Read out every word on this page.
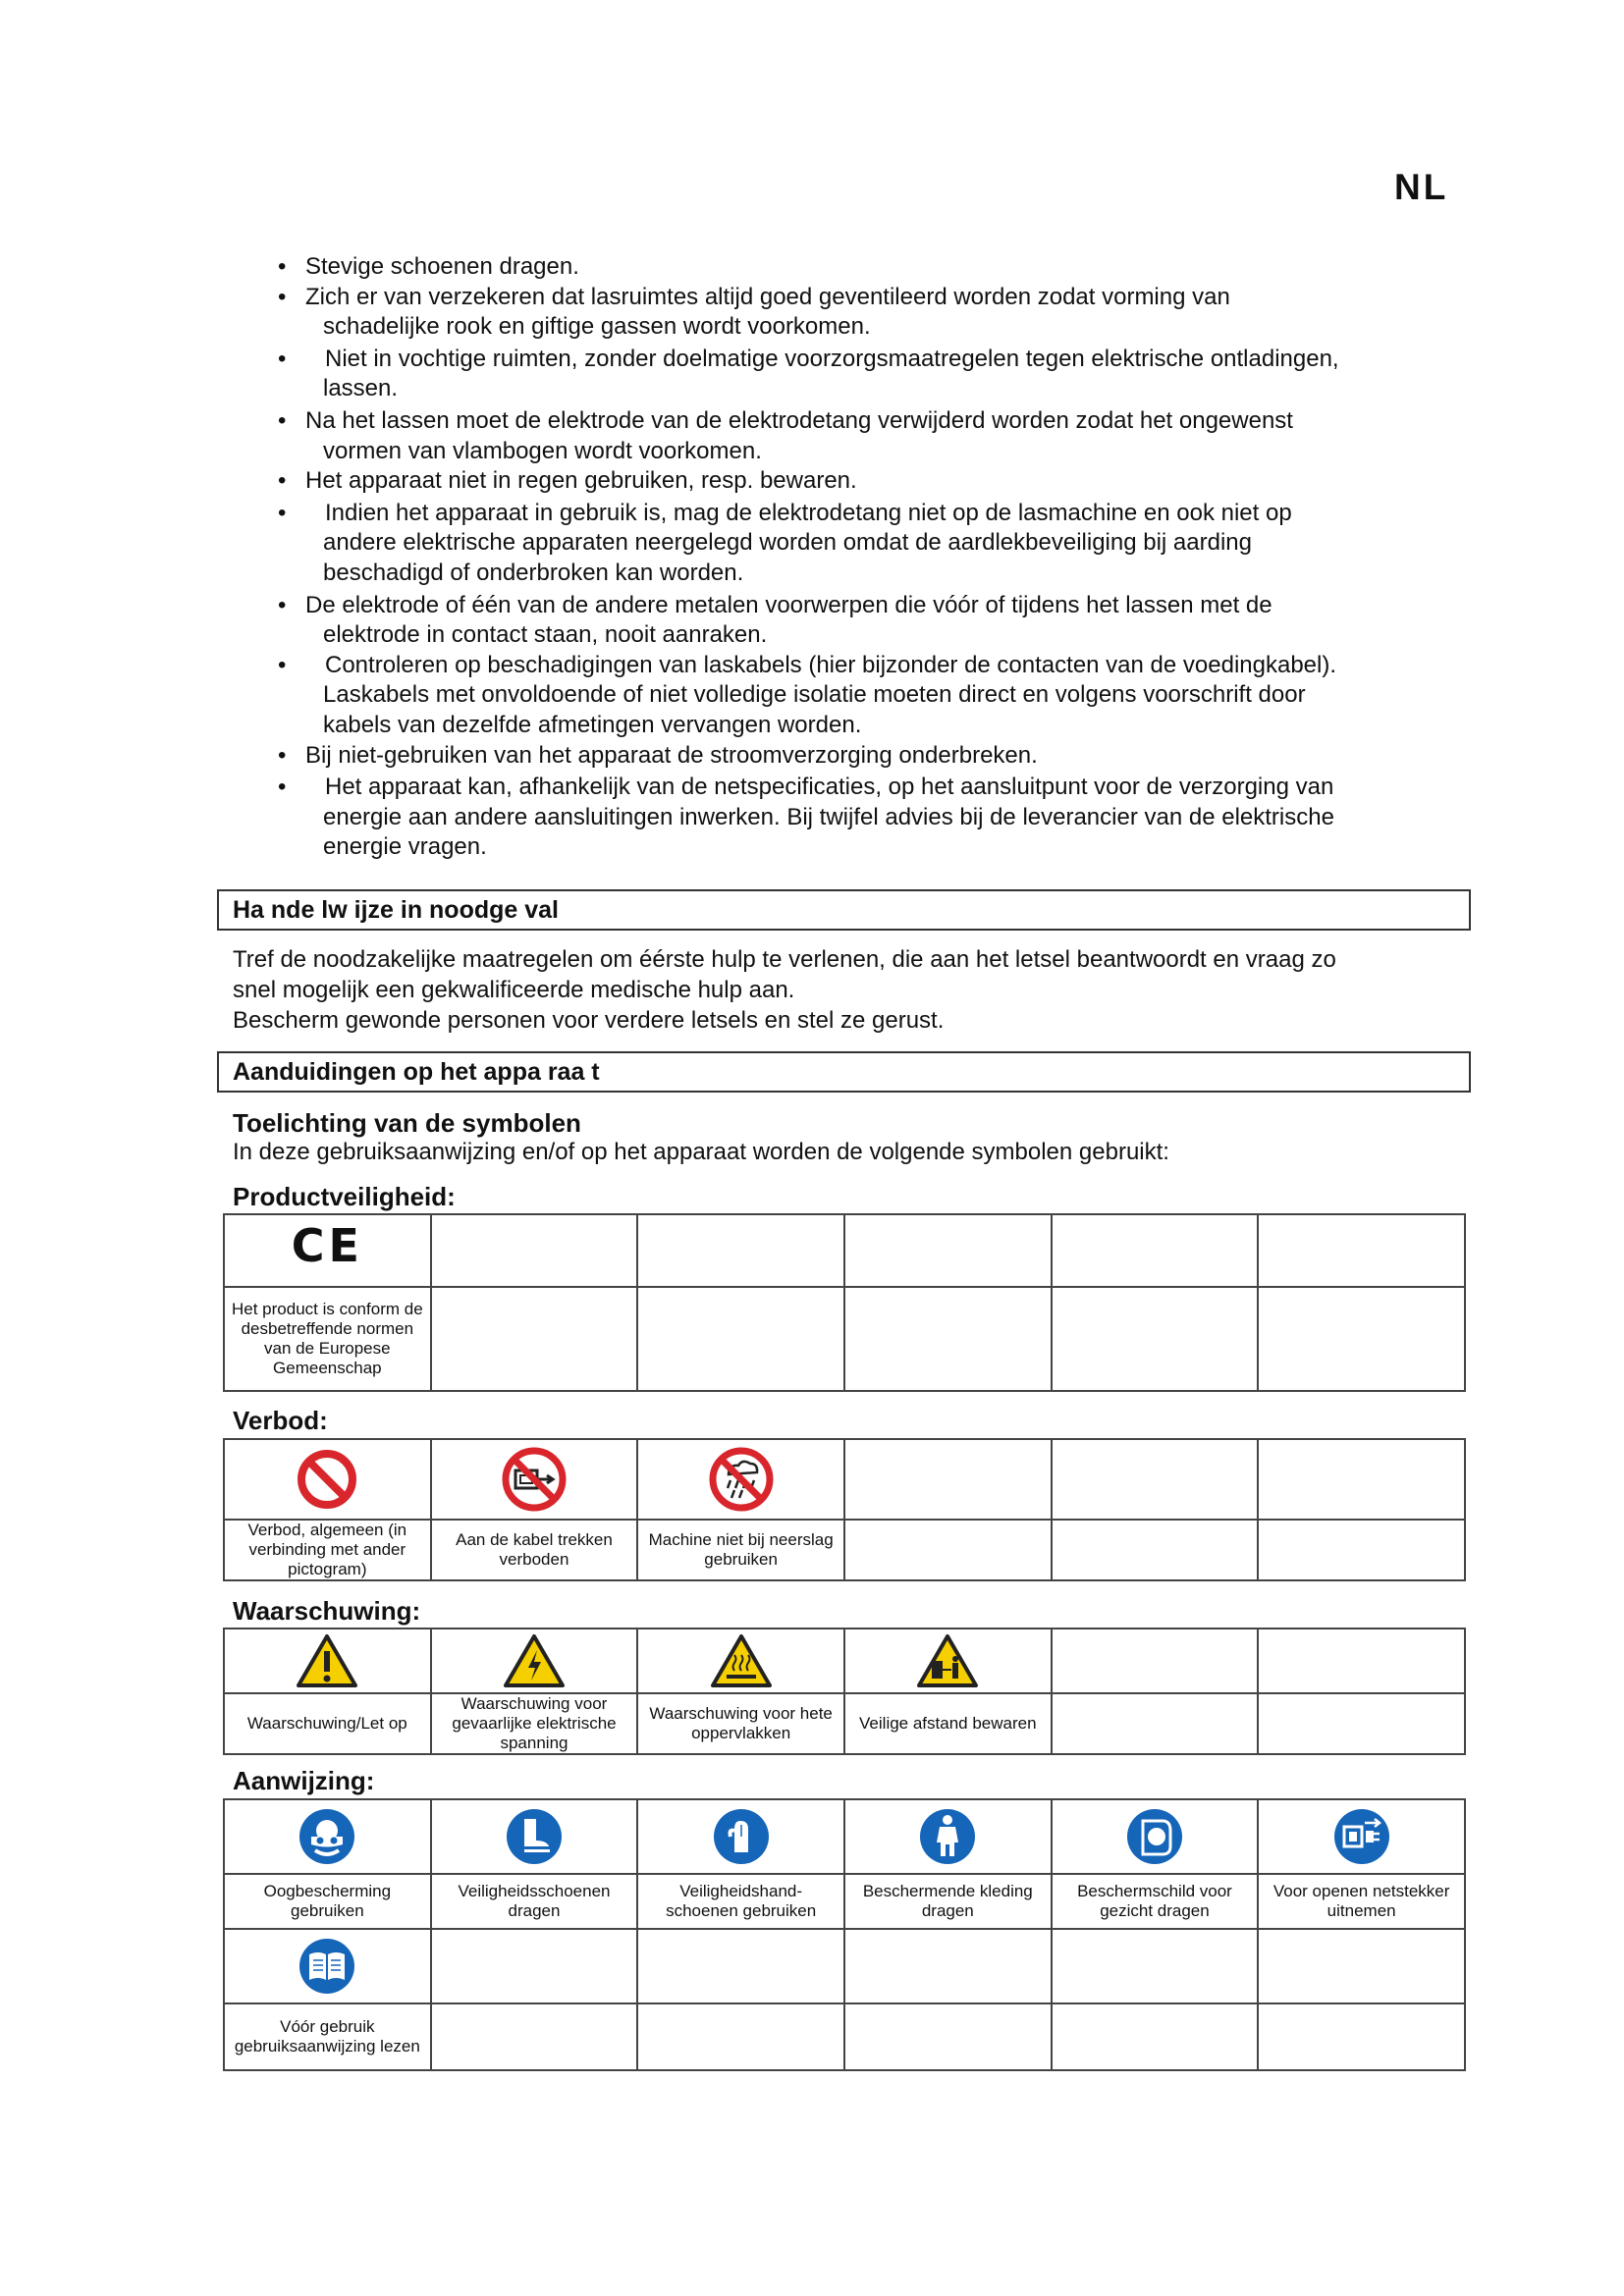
NL
• Stevige schoenen dragen.
• Zich er van verzekeren dat lasruimtes altijd goed geventileerd worden zodat vorming van
schadelijke rook en giftige gassen wordt voorkomen.
• Niet in vochtige ruimten, zonder doelmatige voorzorgsmaatregelen tegen elektrische ontladingen,
lassen.
• Na het lassen moet de elektrode van de elektrodetang verwijderd worden zodat het ongewenst
vormen van vlambogen wordt voorkomen.
• Het apparaat niet in regen gebruiken, resp. bewaren.
• Indien het apparaat in gebruik is, mag de elektrodetang niet op de lasmachine en ook niet op
andere elektrische apparaten neergelegd worden omdat de aardlekbeveiliging bij aarding
beschadigd of onderbroken kan worden.
• De elektrode of één van de andere metalen voorwerpen die vóór of tijdens het lassen met de
elektrode in contact staan, nooit aanraken.
• Controleren op beschadigingen van laskabels (hier bijzonder de contacten van de voedingkabel).
Laskabels met onvoldoende of niet volledige isolatie moeten direct en volgens voorschrift door
kabels van dezelfde afmetingen vervangen worden.
• Bij niet-gebruiken van het apparaat de stroomverzorging onderbreken.
• Het apparaat kan, afhankelijk van de netspecificaties, op het aansluitpunt voor de verzorging van
energie aan andere aansluitingen inwerken. Bij twijfel advies bij de leverancier van de elektrische
energie vragen.
Ha nde lw ijze in noodge val
Tref de noodzakelijke maatregelen om éérste hulp te verlenen, die aan het letsel beantwoordt en vraag zo
snel mogelijk een gekwalificeerde medische hulp aan.
Bescherm gewonde personen voor verdere letsels en stel ze gerust.
Aanduidingen op het appa raa t
Toelichting van de symbolen
In deze gebruiksaanwijzing en/of op het apparaat worden de volgende symbolen gebruikt:
Productveiligheid:
CE					

Het product is conform de desbetreffende normen van de Europese Gemeenschap					

Verbod:

Verbod, algemeen (in verbinding met ander pictogram)	Aan de kabel trekken verboden	Machine niet bij neerslag gebruiken			

Waarschuwing:

Waarschuwing/Let op	Waarschuwing voor gevaarlijke elektrische spanning	Waarschuwing voor hete oppervlakken	Veilige afstand bewaren		

Aanwijzing:

Oogbescherming gebruiken	Veiligheidsschoenen dragen	Veiligheidshand-schoenen gebruiken	Beschermende kleding dragen	Beschermschild voor gezicht dragen	Voor openen netstekker uitnemen

Vóór gebruik gebruiksaanwijzing lezen					
